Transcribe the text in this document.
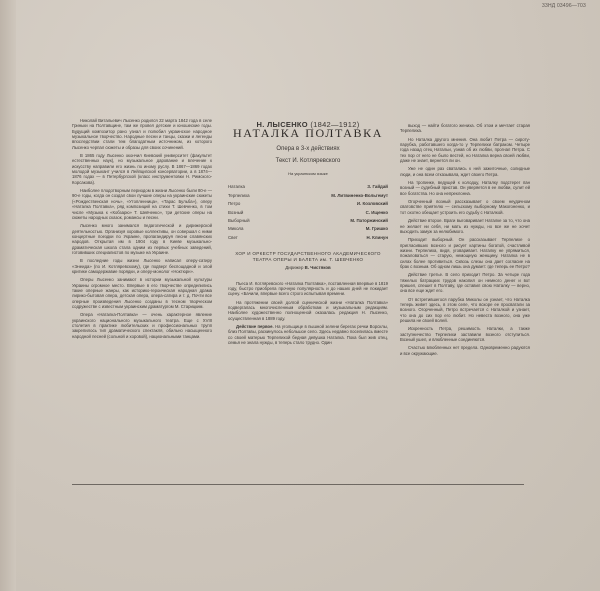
33НД 03496—703

Николай Витальевич Лысенко родился 22 марта 1842 года в селе Гриньки на Полтавщине, там же провел детские и юношеские годы. Будущий композитор рано узнал и полюбил украинское народное музыкальное творчество. Народные песни и танцы, сказки и легенды впоследствии стали тем благодатным источником, из которого Лысенко черпал сюжеты и образы для своих сочинений.

В 1865 году Лысенко окончил Киевский университет (факультет естественных наук), но музыкальное дарование и влечение к искусству направили его жизнь по иному руслу. В 1867—1869 годах молодой музыкант учился в Лейпцигской консерватории, а в 1874—1876 годах — в Петербургской (класс инструментовки Н. Римского-Корсакова).

Наиболее плодотворным периодом в жизни Лысенко были 80-е — 90-е годы, когда он создал свои лучшие оперы на украинские сюжеты («Рождественская ночь», «Утопленница», «Тарас Бульба»), оперу «Наталка Полтавка», ряд композиций на стихи Т. Шевченко, в том числе «Музыка к «Кобзарю» Т. Шевченко», три детские оперы на сюжеты народных сказок, романсы и песни.

Лысенко много занимался педагогической и дирижерской деятельностью. Организуя хоровые коллективы, он совершал с ними концертные поездки по Украине, пропагандируя песни славянских народов. Открытая им в 1904 году в Киеве музыкально-драматическая школа стала одним из первых учебных заведений, готовивших специалистов по музыке на Украине.

В последние годы жизни Лысенко написал оперу-сатиру «Энеида» (по И. Котляревскому), где подверг беспощадной и злой критике самодержавие порядки, и оперу-монолог «Ноктюрн».

Оперы Лысенко занимают в истории музыкальной культуры Украины огромное место. Впервые в его творчестве определились такие оперные жанры, как историко-героическая народная драма лирико-бытовая опера, детская опера, опера-сатира и т. д. Почти все оперные произведения Лысенко созданы в тесном творческом содружестве с известным украинским драматургом М. Старицким.

Опера «Наталка-Полтавка» — очень характерное явление украинского национального музыкального театра. Еще с XVIII столетия в практике любительских и профессиональных трупп закрепилось тип драматического спектакля, обильно насыщенного народной песней (сольной и хоровой), национальными танцами.

Н. ЛЫСЕНКО (1842—1912)
НАТАЛКА ПОЛТАВКА
Опера в 3-х действиях
Текст И. Котляревского
На украинском языке
Наталка		З. Гайдай
Терпелиха		М. Литвиненко-Вольгемут
Петро		И. Козловский
Возный		С. Ищенко
Выборный		М. Паторжинский
Микола		М. Гришко
Свет		Н. Клинун
ХОР И ОРКЕСТР ГОСУДАРСТВЕННОГО АКАДЕМИЧЕСКОГО ТЕАТРА ОПЕРЫ И БАЛЕТА им. Т. ШЕВЧЕНКО
Дирижер В. Чистяков

Пьеса И. Котляревского «Наталка Полтавка», поставленная впервые в 1819 году, быстро приобрела прочную популярность и до наших дней не покидает сцену. «Бачили, впервые всего строго испытывая времени.

На протяжении своей долгой сценической жизни «Наталка Полтавка» подвергалась многочисленным обработкам и музыкальным редакциям. Наиболее художественно полноценной оказалась редакция Н. Лысенко, осуществленная в 1889 году.

Действие первое. На угольщице в пышной зелени берегах речки Ворсклы, близ Полтавы, раскинулось небольшое село. Здесь недавно поселилась вместе со своей матерью Терпелихой бедная девушка Наталка. Пока был жив отец, семья не знала нужды, в теперь стало трудно. Один

выход — найти богатого жениха. Об этом и мечтает старая Терпелиха.

Но Наталка другого мнения. Она любит Петра — сироту-парубка, работавшего когда-то у Терпелихи батраком. Четыре года назад отец Натальи, узнав об их любви, прогнал Петра. С тех пор от него не было вестей, но Наталка верна своей любви, даже не знает, вернется ли он.

Уже не один раз сватались к ней зажиточные, солидные люди, и она всем отказывала, ждет своего Петра.

На тропинке, ведущей к колодцу, Наталку подстерег пан возный — судебный пристав. Он уверяется в ее любви, сулит ей все богатства. Но она непреклонна.

Огорченный возный рассказывает о своем неудачном сватовстве приятелю — сельскому выборному Макогоненко, и тот охотно обещает устроить его судьбу с Наталкой.

Действие второе. Враги выговаривает Наталке за то, что она не желает ни себя, ни мать из нужды, но все же не хочет выходить замуж за нелюбимого.

Приходит выборный. Он рассказывает Терпелихе о пригласивших возного и рисует картины богатой, счастливой жизни. Терпелиха, видя, уговаривает. Наталку не упрямиться, пожаловаться — старую, немощную женщину. Наталка не в силах более противиться. Сквозь слезы она дает согласие на брак с возным. Об одном лишь она думает: где теперь ее Петро?

Действие третье. В село приходит Петро. За четыре года тяжелых батрацких трудов накопил он немного денег и вот пришел, спешит в Полтаву, где оставил свою Наталку — верно, она все еще ждет его.

От встретившегося парубка Миколы он узнает, что Наталка теперь живет здесь, в этом селе, что вскоре ее просватали за возного. Огорченный, Петро встречается с Наталкой и узнает, что она до сих пор его любит. Но невеста возного, она уже решила не своей волей.

Искренность Петра, решимость Наталки, а также заступничество Терпелихи заставили возного отступиться. Возный ушел, и влюбленные соединяются.

Счастью влюбленных нет предела. Одновременно радуются и все окружающие.
